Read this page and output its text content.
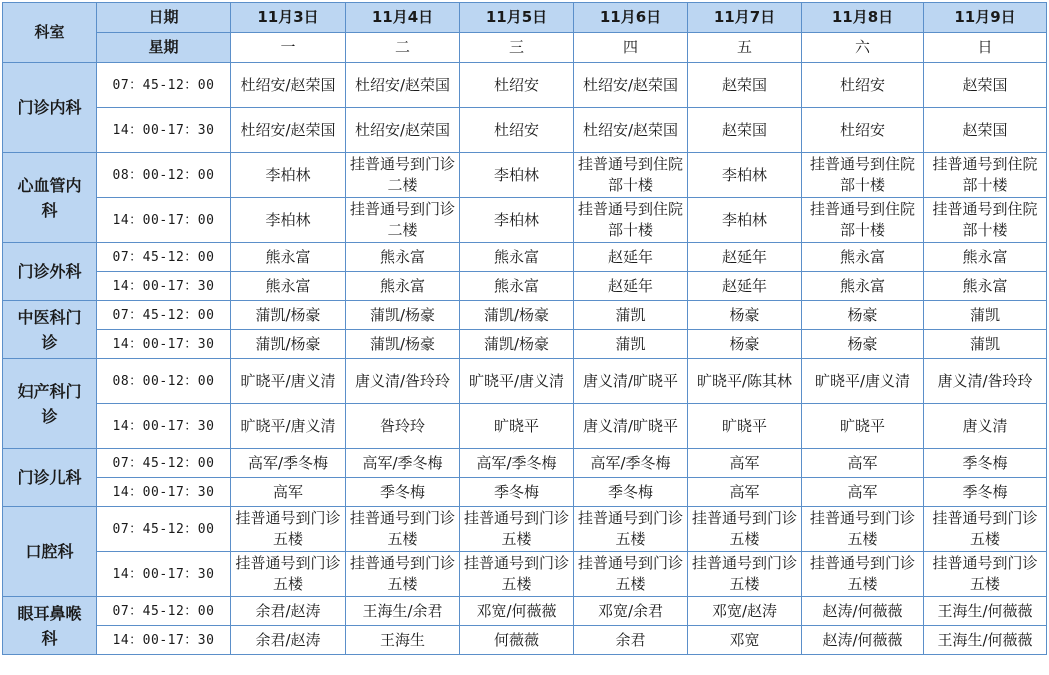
科室	日期	11月3日	11月4日	11月5日	11月6日	11月7日	11月8日	11月9日
	星期	一	二	三	四	五	六	日
门诊内科	07：45-12：00	杜绍安/赵荣国	杜绍安/赵荣国	杜绍安	杜绍安/赵荣国	赵荣国	杜绍安	赵荣国
	14：00-17：30	杜绍安/赵荣国	杜绍安/赵荣国	杜绍安	杜绍安/赵荣国	赵荣国	杜绍安	赵荣国
心血管内科	08：00-12：00	李柏林	挂普通号到门诊二楼	李柏林	挂普通号到住院部十楼	李柏林	挂普通号到住院部十楼	挂普通号到住院部十楼
	14：00-17：00	李柏林	挂普通号到门诊二楼	李柏林	挂普通号到住院部十楼	李柏林	挂普通号到住院部十楼	挂普通号到住院部十楼
门诊外科	07：45-12：00	熊永富	熊永富	熊永富	赵延年	赵延年	熊永富	熊永富
	14：00-17：30	熊永富	熊永富	熊永富	赵延年	赵延年	熊永富	熊永富
中医科门诊	07：45-12：00	蒲凯/杨豪	蒲凯/杨豪	蒲凯/杨豪	蒲凯	杨豪	杨豪	蒲凯
	14：00-17：30	蒲凯/杨豪	蒲凯/杨豪	蒲凯/杨豪	蒲凯	杨豪	杨豪	蒲凯
妇产科门诊	08：00-12：00	旷晓平/唐义清	唐义清/昝玲玲	旷晓平/唐义清	唐义清/旷晓平	旷晓平/陈其林	旷晓平/唐义清	唐义清/昝玲玲
	14：00-17：30	旷晓平/唐义清	昝玲玲	旷晓平	唐义清/旷晓平	旷晓平	旷晓平	唐义清
门诊儿科	07：45-12：00	高军/季冬梅	高军/季冬梅	高军/季冬梅	高军/季冬梅	高军	高军	季冬梅
	14：00-17：30	高军	季冬梅	季冬梅	季冬梅	高军	高军	季冬梅
口腔科	07：45-12：00	挂普通号到门诊五楼	挂普通号到门诊五楼	挂普通号到门诊五楼	挂普通号到门诊五楼	挂普通号到门诊五楼	挂普通号到门诊五楼	挂普通号到门诊五楼
	14：00-17：30	挂普通号到门诊五楼	挂普通号到门诊五楼	挂普通号到门诊五楼	挂普通号到门诊五楼	挂普通号到门诊五楼	挂普通号到门诊五楼	挂普通号到门诊五楼
眼耳鼻喉科	07：45-12：00	余君/赵涛	王海生/余君	邓宽/何薇薇	邓宽/余君	邓宽/赵涛	赵涛/何薇薇	王海生/何薇薇
	14：00-17：30	余君/赵涛	王海生	何薇薇	余君	邓宽	赵涛/何薇薇	王海生/何薇薇
